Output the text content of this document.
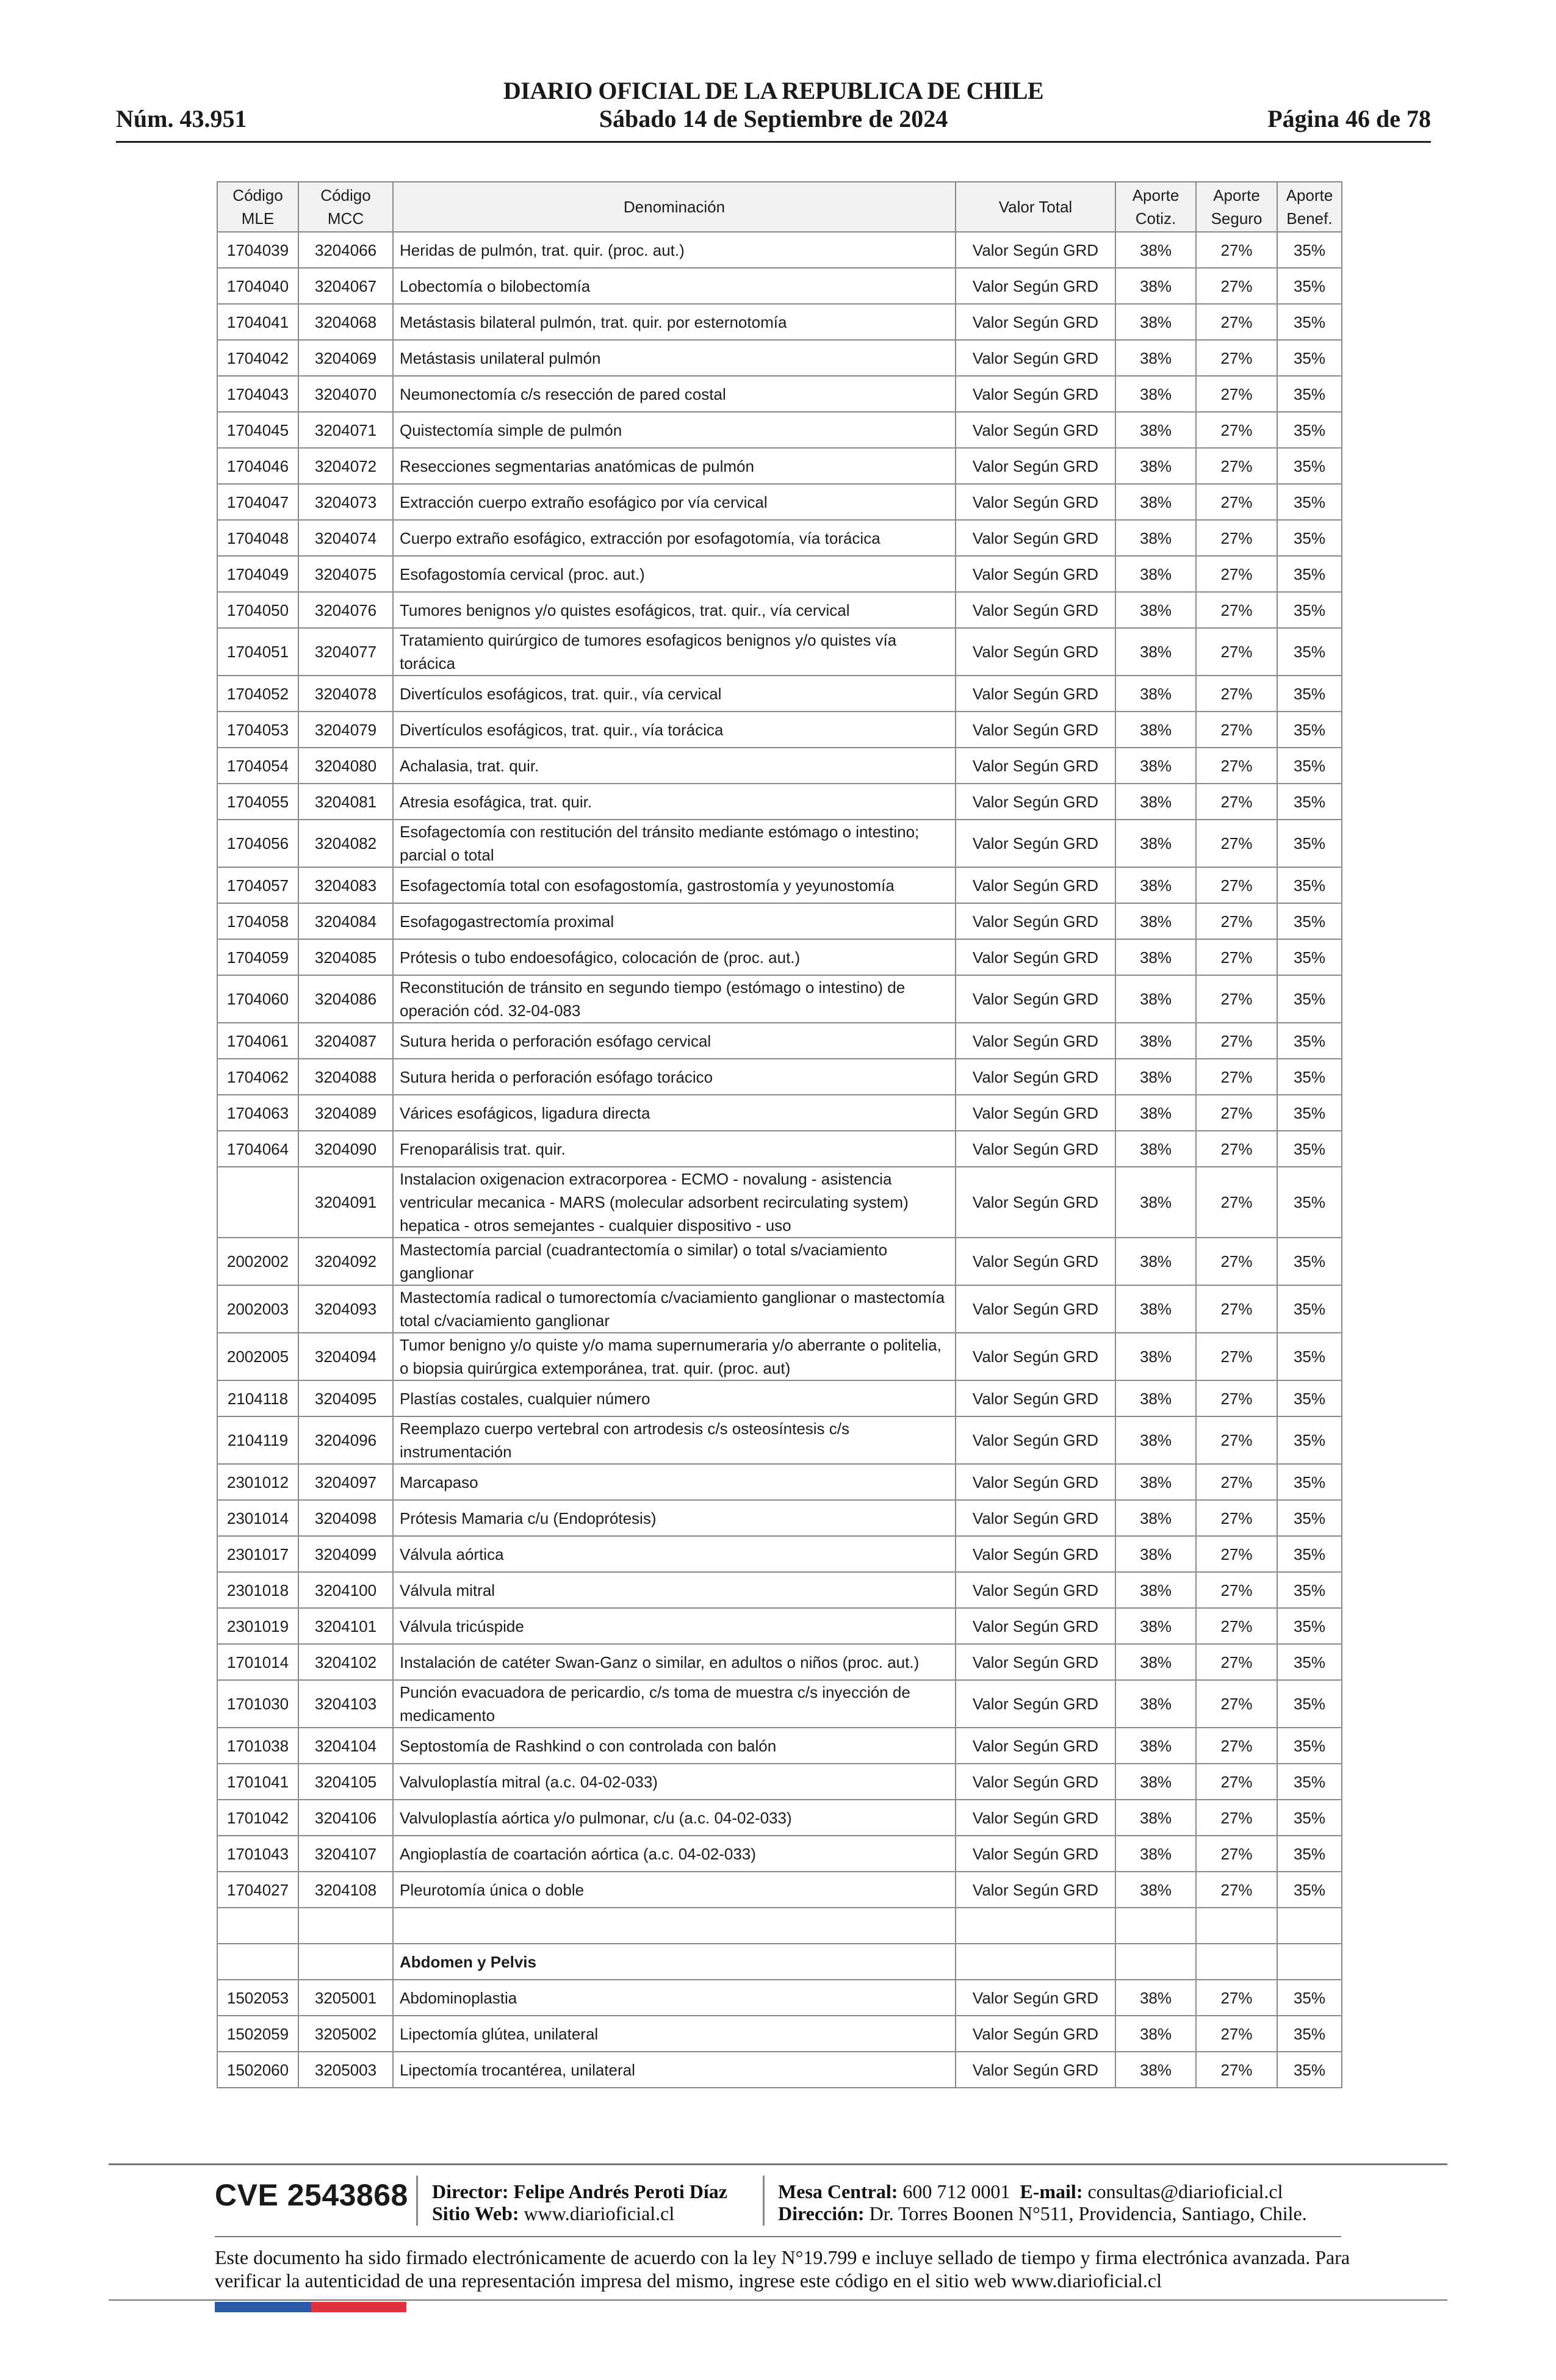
DIARIO OFICIAL DE LA REPUBLICA DE CHILE
Núm. 43.951	Sábado 14 de Septiembre de 2024	Página 46 de 78
Código MLE	Código MCC	Denominación	Valor Total	Aporte Cotiz.	Aporte Seguro	Aporte Benef.
1704039	3204066	Heridas de pulmón, trat. quir. (proc. aut.)	Valor Según GRD	38%	27%	35%
1704040	3204067	Lobectomía o bilobectomía	Valor Según GRD	38%	27%	35%
1704041	3204068	Metástasis bilateral pulmón, trat. quir. por esternotomía	Valor Según GRD	38%	27%	35%
1704042	3204069	Metástasis unilateral pulmón	Valor Según GRD	38%	27%	35%
1704043	3204070	Neumonectomía c/s resección de pared costal	Valor Según GRD	38%	27%	35%
1704045	3204071	Quistectomía simple de pulmón	Valor Según GRD	38%	27%	35%
1704046	3204072	Resecciones segmentarias anatómicas de pulmón	Valor Según GRD	38%	27%	35%
1704047	3204073	Extracción cuerpo extraño esofágico por vía cervical	Valor Según GRD	38%	27%	35%
1704048	3204074	Cuerpo extraño esofágico, extracción por esofagotomía, vía torácica	Valor Según GRD	38%	27%	35%
1704049	3204075	Esofagostomía cervical (proc. aut.)	Valor Según GRD	38%	27%	35%
1704050	3204076	Tumores benignos y/o quistes esofágicos, trat. quir., vía cervical	Valor Según GRD	38%	27%	35%
1704051	3204077	Tratamiento quirúrgico de tumores esofagicos benignos y/o quistes vía torácica	Valor Según GRD	38%	27%	35%
1704052	3204078	Divertículos esofágicos, trat. quir., vía cervical	Valor Según GRD	38%	27%	35%
1704053	3204079	Divertículos esofágicos, trat. quir., vía torácica	Valor Según GRD	38%	27%	35%
1704054	3204080	Achalasia, trat. quir.	Valor Según GRD	38%	27%	35%
1704055	3204081	Atresia esofágica, trat. quir.	Valor Según GRD	38%	27%	35%
1704056	3204082	Esofagectomía con restitución del tránsito mediante estómago o intestino; parcial o total	Valor Según GRD	38%	27%	35%
1704057	3204083	Esofagectomía total con esofagostomía, gastrostomía y yeyunostomía	Valor Según GRD	38%	27%	35%
1704058	3204084	Esofagogastrectomía proximal	Valor Según GRD	38%	27%	35%
1704059	3204085	Prótesis o tubo endoesofágico, colocación de (proc. aut.)	Valor Según GRD	38%	27%	35%
1704060	3204086	Reconstitución de tránsito en segundo tiempo (estómago o intestino) de operación cód. 32-04-083	Valor Según GRD	38%	27%	35%
1704061	3204087	Sutura herida o perforación esófago cervical	Valor Según GRD	38%	27%	35%
1704062	3204088	Sutura herida o perforación esófago torácico	Valor Según GRD	38%	27%	35%
1704063	3204089	Várices esofágicos, ligadura directa	Valor Según GRD	38%	27%	35%
1704064	3204090	Frenoparálisis trat. quir.	Valor Según GRD	38%	27%	35%
	3204091	Instalacion oxigenacion extracorporea - ECMO - novalung - asistencia ventricular mecanica - MARS (molecular adsorbent recirculating system) hepatica - otros semejantes - cualquier dispositivo - uso	Valor Según GRD	38%	27%	35%
2002002	3204092	Mastectomía parcial (cuadrantectomía o similar) o total s/vaciamiento ganglionar	Valor Según GRD	38%	27%	35%
2002003	3204093	Mastectomía radical o tumorectomía c/vaciamiento ganglionar o mastectomía total c/vaciamiento ganglionar	Valor Según GRD	38%	27%	35%
2002005	3204094	Tumor benigno y/o quiste y/o mama supernumeraria y/o aberrante o politelia, o biopsia quirúrgica extemporánea, trat. quir. (proc. aut)	Valor Según GRD	38%	27%	35%
2104118	3204095	Plastías costales, cualquier número	Valor Según GRD	38%	27%	35%
2104119	3204096	Reemplazo cuerpo vertebral con artrodesis c/s osteosíntesis c/s instrumentación	Valor Según GRD	38%	27%	35%
2301012	3204097	Marcapaso	Valor Según GRD	38%	27%	35%
2301014	3204098	Prótesis Mamaria c/u (Endoprótesis)	Valor Según GRD	38%	27%	35%
2301017	3204099	Válvula aórtica	Valor Según GRD	38%	27%	35%
2301018	3204100	Válvula mitral	Valor Según GRD	38%	27%	35%
2301019	3204101	Válvula tricúspide	Valor Según GRD	38%	27%	35%
1701014	3204102	Instalación de catéter Swan-Ganz o similar, en adultos o niños (proc. aut.)	Valor Según GRD	38%	27%	35%
1701030	3204103	Punción evacuadora de pericardio, c/s toma de muestra c/s inyección de medicamento	Valor Según GRD	38%	27%	35%
1701038	3204104	Septostomía de Rashkind o con controlada con balón	Valor Según GRD	38%	27%	35%
1701041	3204105	Valvuloplastía mitral (a.c. 04-02-033)	Valor Según GRD	38%	27%	35%
1701042	3204106	Valvuloplastía aórtica y/o pulmonar, c/u (a.c. 04-02-033)	Valor Según GRD	38%	27%	35%
1701043	3204107	Angioplastía de coartación aórtica (a.c. 04-02-033)	Valor Según GRD	38%	27%	35%
1704027	3204108	Pleurotomía única o doble	Valor Según GRD	38%	27%	35%

		Abdomen y Pelvis				
1502053	3205001	Abdominoplastia	Valor Según GRD	38%	27%	35%
1502059	3205002	Lipectomía glútea, unilateral	Valor Según GRD	38%	27%	35%
1502060	3205003	Lipectomía trocantérea, unilateral	Valor Según GRD	38%	27%	35%
CVE 2543868 Director: Felipe Andrés Peroti Díaz
Sitio Web: www.diarioficial.cl
Mesa Central: 600 712 0001 E-mail: consultas@diarioficial.cl
Dirección: Dr. Torres Boonen N°511, Providencia, Santiago, Chile.
Este documento ha sido firmado electrónicamente de acuerdo con la ley N°19.799 e incluye sellado de tiempo y firma electrónica avanzada. Para verificar la autenticidad de una representación impresa del mismo, ingrese este código en el sitio web www.diarioficial.cl
